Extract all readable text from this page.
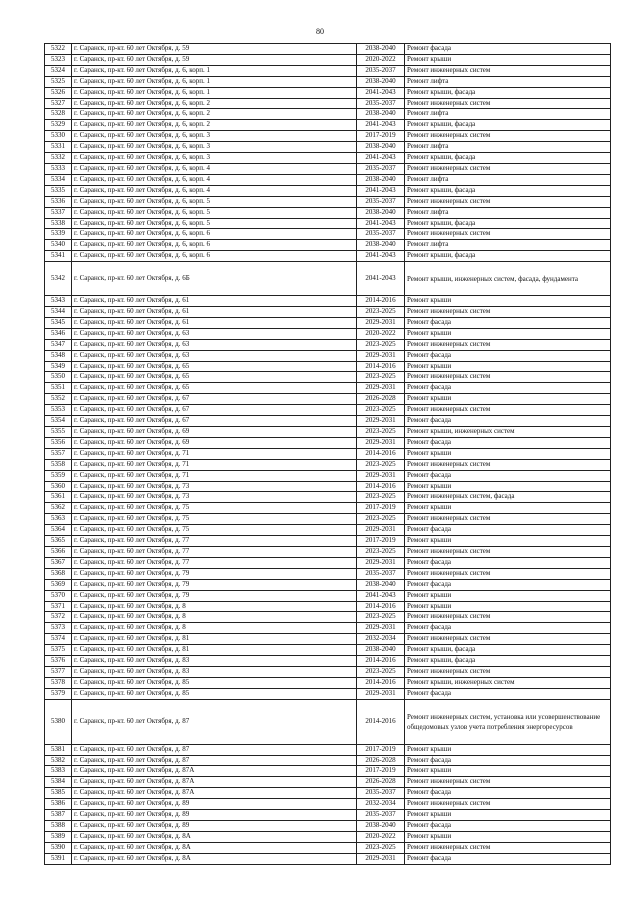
80
5322	г. Саранск, пр-кт. 60 лет Октября, д. 59	2038-2040	Ремонт фасада
5323	г. Саранск, пр-кт. 60 лет Октября, д. 59	2020-2022	Ремонт крыши
5324	г. Саранск, пр-кт. 60 лет Октября, д. 6, корп. 1	2035-2037	Ремонт инженерных систем
5325	г. Саранск, пр-кт. 60 лет Октября, д. 6, корп. 1	2038-2040	Ремонт лифта
5326	г. Саранск, пр-кт. 60 лет Октября, д. 6, корп. 1	2041-2043	Ремонт крыши, фасада
5327	г. Саранск, пр-кт. 60 лет Октября, д. 6, корп. 2	2035-2037	Ремонт инженерных систем
5328	г. Саранск, пр-кт. 60 лет Октября, д. 6, корп. 2	2038-2040	Ремонт лифта
5329	г. Саранск, пр-кт. 60 лет Октября, д. 6, корп. 2	2041-2043	Ремонт крыши, фасада
5330	г. Саранск, пр-кт. 60 лет Октября, д. 6, корп. 3	2017-2019	Ремонт инженерных систем
5331	г. Саранск, пр-кт. 60 лет Октября, д. 6, корп. 3	2038-2040	Ремонт лифта
5332	г. Саранск, пр-кт. 60 лет Октября, д. 6, корп. 3	2041-2043	Ремонт крыши, фасада
5333	г. Саранск, пр-кт. 60 лет Октября, д. 6, корп. 4	2035-2037	Ремонт инженерных систем
5334	г. Саранск, пр-кт. 60 лет Октября, д. 6, корп. 4	2038-2040	Ремонт лифта
5335	г. Саранск, пр-кт. 60 лет Октября, д. 6, корп. 4	2041-2043	Ремонт крыши, фасада
5336	г. Саранск, пр-кт. 60 лет Октября, д. 6, корп. 5	2035-2037	Ремонт инженерных систем
5337	г. Саранск, пр-кт. 60 лет Октября, д. 6, корп. 5	2038-2040	Ремонт лифта
5338	г. Саранск, пр-кт. 60 лет Октября, д. 6, корп. 5	2041-2043	Ремонт крыши, фасада
5339	г. Саранск, пр-кт. 60 лет Октября, д. 6, корп. 6	2035-2037	Ремонт инженерных систем
5340	г. Саранск, пр-кт. 60 лет Октября, д. 6, корп. 6	2038-2040	Ремонт лифта
5341	г. Саранск, пр-кт. 60 лет Октября, д. 6, корп. 6	2041-2043	Ремонт крыши, фасада
5342	г. Саранск, пр-кт. 60 лет Октября, д. 6Б	2041-2043	Ремонт крыши, инженерных систем, фасада, фундамента
5343	г. Саранск, пр-кт. 60 лет Октября, д. 61	2014-2016	Ремонт крыши
5344	г. Саранск, пр-кт. 60 лет Октября, д. 61	2023-2025	Ремонт инженерных систем
5345	г. Саранск, пр-кт. 60 лет Октября, д. 61	2029-2031	Ремонт фасада
5346	г. Саранск, пр-кт. 60 лет Октября, д. 63	2020-2022	Ремонт крыши
5347	г. Саранск, пр-кт. 60 лет Октября, д. 63	2023-2025	Ремонт инженерных систем
5348	г. Саранск, пр-кт. 60 лет Октября, д. 63	2029-2031	Ремонт фасада
5349	г. Саранск, пр-кт. 60 лет Октября, д. 65	2014-2016	Ремонт крыши
5350	г. Саранск, пр-кт. 60 лет Октября, д. 65	2023-2025	Ремонт инженерных систем
5351	г. Саранск, пр-кт. 60 лет Октября, д. 65	2029-2031	Ремонт фасада
5352	г. Саранск, пр-кт. 60 лет Октября, д. 67	2026-2028	Ремонт крыши
5353	г. Саранск, пр-кт. 60 лет Октября, д. 67	2023-2025	Ремонт инженерных систем
5354	г. Саранск, пр-кт. 60 лет Октября, д. 67	2029-2031	Ремонт фасада
5355	г. Саранск, пр-кт. 60 лет Октября, д. 69	2023-2025	Ремонт крыши, инженерных систем
5356	г. Саранск, пр-кт. 60 лет Октября, д. 69	2029-2031	Ремонт фасада
5357	г. Саранск, пр-кт. 60 лет Октября, д. 71	2014-2016	Ремонт крыши
5358	г. Саранск, пр-кт. 60 лет Октября, д. 71	2023-2025	Ремонт инженерных систем
5359	г. Саранск, пр-кт. 60 лет Октября, д. 71	2029-2031	Ремонт фасада
5360	г. Саранск, пр-кт. 60 лет Октября, д. 73	2014-2016	Ремонт крыши
5361	г. Саранск, пр-кт. 60 лет Октября, д. 73	2023-2025	Ремонт инженерных систем, фасада
5362	г. Саранск, пр-кт. 60 лет Октября, д. 75	2017-2019	Ремонт крыши
5363	г. Саранск, пр-кт. 60 лет Октября, д. 75	2023-2025	Ремонт инженерных систем
5364	г. Саранск, пр-кт. 60 лет Октября, д. 75	2029-2031	Ремонт фасада
5365	г. Саранск, пр-кт. 60 лет Октября, д. 77	2017-2019	Ремонт крыши
5366	г. Саранск, пр-кт. 60 лет Октября, д. 77	2023-2025	Ремонт инженерных систем
5367	г. Саранск, пр-кт. 60 лет Октября, д. 77	2029-2031	Ремонт фасада
5368	г. Саранск, пр-кт. 60 лет Октября, д. 79	2035-2037	Ремонт инженерных систем
5369	г. Саранск, пр-кт. 60 лет Октября, д. 79	2038-2040	Ремонт фасада
5370	г. Саранск, пр-кт. 60 лет Октября, д. 79	2041-2043	Ремонт крыши
5371	г. Саранск, пр-кт. 60 лет Октября, д. 8	2014-2016	Ремонт крыши
5372	г. Саранск, пр-кт. 60 лет Октября, д. 8	2023-2025	Ремонт инженерных систем
5373	г. Саранск, пр-кт. 60 лет Октября, д. 8	2029-2031	Ремонт фасада
5374	г. Саранск, пр-кт. 60 лет Октября, д. 81	2032-2034	Ремонт инженерных систем
5375	г. Саранск, пр-кт. 60 лет Октября, д. 81	2038-2040	Ремонт крыши, фасада
5376	г. Саранск, пр-кт. 60 лет Октября, д. 83	2014-2016	Ремонт крыши, фасада
5377	г. Саранск, пр-кт. 60 лет Октября, д. 83	2023-2025	Ремонт инженерных систем
5378	г. Саранск, пр-кт. 60 лет Октября, д. 85	2014-2016	Ремонт крыши, инженерных систем
5379	г. Саранск, пр-кт. 60 лет Октября, д. 85	2029-2031	Ремонт фасада
5380	г. Саранск, пр-кт. 60 лет Октября, д. 87	2014-2016	Ремонт инженерных систем, установка или усовершенствование общедомовых узлов учета потребления энергоресурсов
5381	г. Саранск, пр-кт. 60 лет Октября, д. 87	2017-2019	Ремонт крыши
5382	г. Саранск, пр-кт. 60 лет Октября, д. 87	2026-2028	Ремонт фасада
5383	г. Саранск, пр-кт. 60 лет Октября, д. 87А	2017-2019	Ремонт крыши
5384	г. Саранск, пр-кт. 60 лет Октября, д. 87А	2026-2028	Ремонт инженерных систем
5385	г. Саранск, пр-кт. 60 лет Октября, д. 87А	2035-2037	Ремонт фасада
5386	г. Саранск, пр-кт. 60 лет Октября, д. 89	2032-2034	Ремонт инженерных систем
5387	г. Саранск, пр-кт. 60 лет Октября, д. 89	2035-2037	Ремонт крыши
5388	г. Саранск, пр-кт. 60 лет Октября, д. 89	2038-2040	Ремонт фасада
5389	г. Саранск, пр-кт. 60 лет Октября, д. 8А	2020-2022	Ремонт крыши
5390	г. Саранск, пр-кт. 60 лет Октября, д. 8А	2023-2025	Ремонт инженерных систем
5391	г. Саранск, пр-кт. 60 лет Октября, д. 8А	2029-2031	Ремонт фасада
